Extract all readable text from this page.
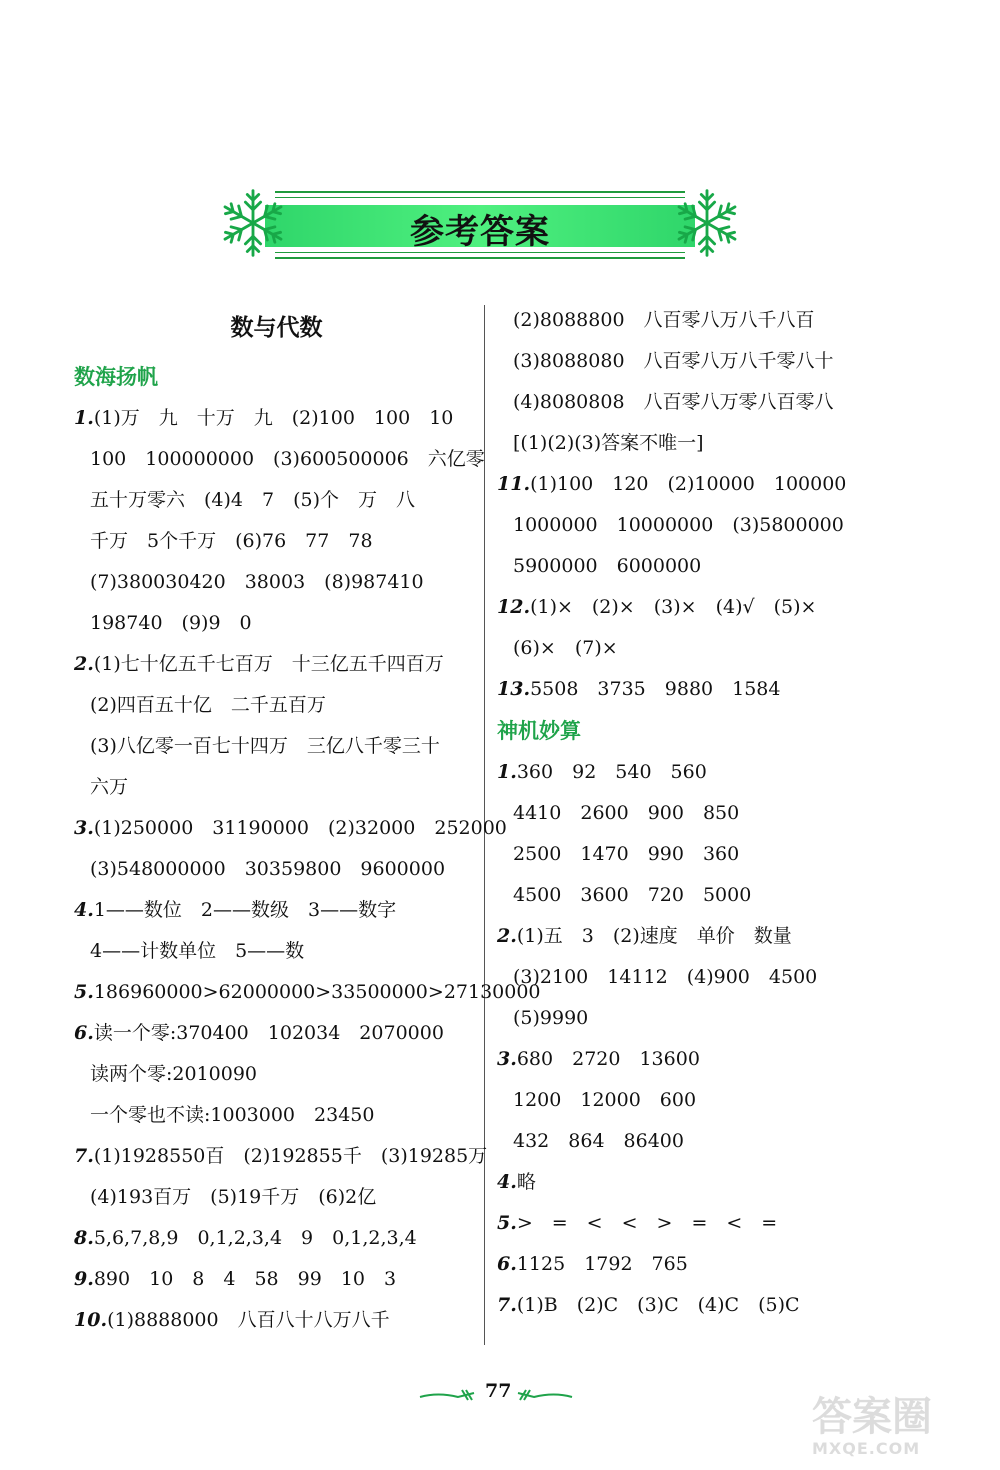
参考答案
数与代数
数海扬帆
1.(1)万　九　十万　九　(2)100　100　10
100　100000000　(3)600500006　六亿零
五十万零六　(4)4　7　(5)个　万　八
千万　5个千万　(6)76　77　78
(7)380030420　38003　(8)987410
198740　(9)9　0
2.(1)七十亿五千七百万　十三亿五千四百万
(2)四百五十亿　二千五百万
(3)八亿零一百七十四万　三亿八千零三十
六万
3.(1)250000　31190000　(2)32000　252000
(3)548000000　30359800　9600000
4.1——数位　2——数级　3——数字
4——计数单位　5——数
5.186960000>62000000>33500000>27130000
6.读一个零:370400　102034　2070000
读两个零:2010090
一个零也不读:1003000　23450
7.(1)1928550百　(2)192855千　(3)19285万
(4)193百万　(5)19千万　(6)2亿
8.5,6,7,8,9　0,1,2,3,4　9　0,1,2,3,4
9.890　10　8　4　58　99　10　3
10.(1)8888000　八百八十八万八千
(2)8088800　八百零八万八千八百
(3)8088080　八百零八万八千零八十
(4)8080808　八百零八万零八百零八
[(1)(2)(3)答案不唯一]
11.(1)100　120　(2)10000　100000
1000000　10000000　(3)5800000
5900000　6000000
12.(1)×　(2)×　(3)×　(4)√　(5)×
(6)×　(7)×
13.5508　3735　9880　1584
神机妙算
1.360　92　540　560
4410　2600　900　850
2500　1470　990　360
4500　3600　720　5000
2.(1)五　3　(2)速度　单价　数量
(3)2100　14112　(4)900　4500
(5)9990
3.680　2720　13600
1200　12000　600
432　864　86400
4.略
5.>　=　<　<　>　=　<　=
6.1125　1792　765
7.(1)B　(2)C　(3)C　(4)C　(5)C
77
答案圈
MXQE.COM
